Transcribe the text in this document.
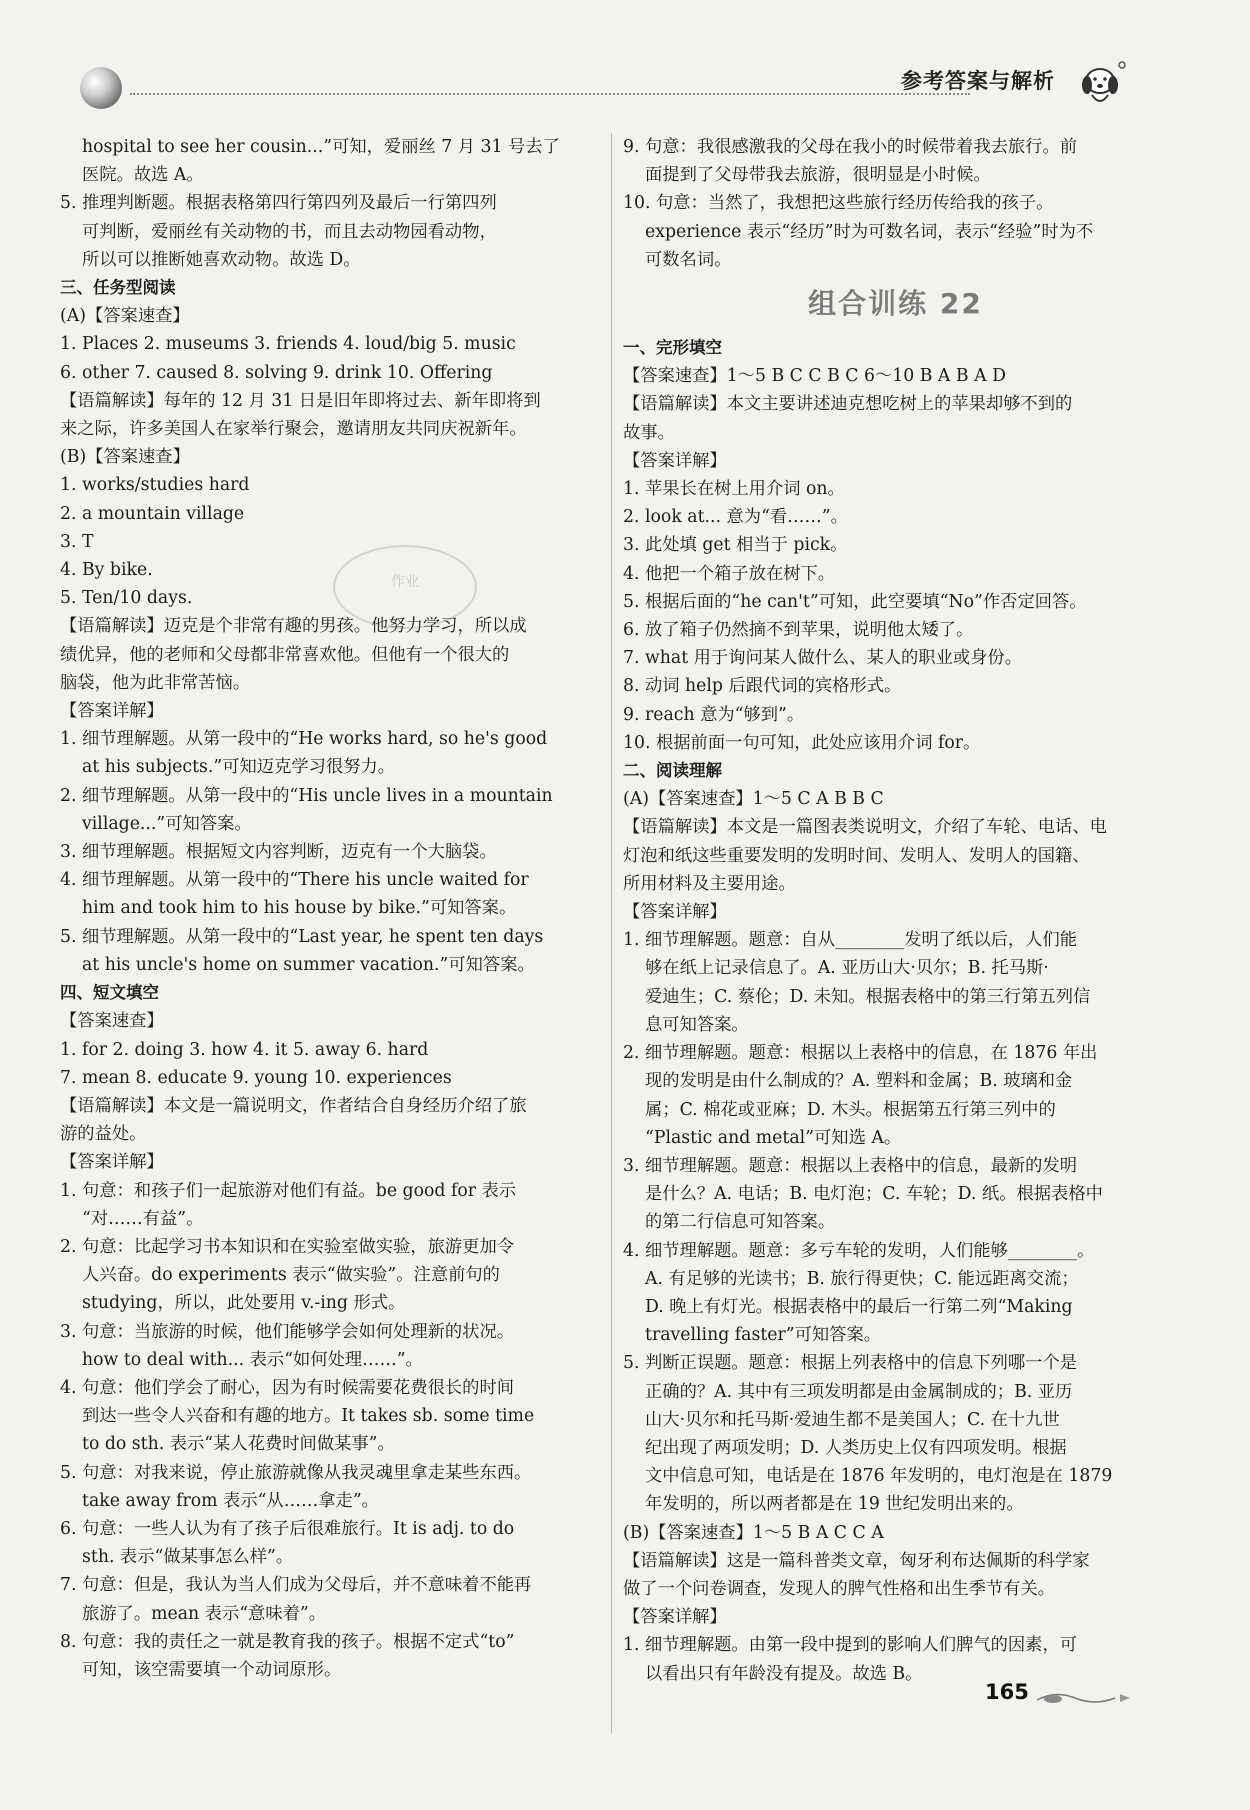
参考答案与解析
hospital to see her cousin...”可知，爱丽丝 7 月 31 号去了
医院。故选 A。
5. 推理判断题。根据表格第四行第四列及最后一行第四列
可判断，爱丽丝有关动物的书，而且去动物园看动物，
所以可以推断她喜欢动物。故选 D。
三、任务型阅读
(A)【答案速查】
1. Places 2. museums 3. friends 4. loud/big 5. music
6. other 7. caused 8. solving 9. drink 10. Offering
【语篇解读】每年的 12 月 31 日是旧年即将过去、新年即将到
来之际，许多美国人在家举行聚会，邀请朋友共同庆祝新年。
(B)【答案速查】
1. works/studies hard
2. a mountain village
3. T
4. By bike.
5. Ten/10 days.
【语篇解读】迈克是个非常有趣的男孩。他努力学习，所以成
绩优异，他的老师和父母都非常喜欢他。但他有一个很大的
脑袋，他为此非常苦恼。
【答案详解】
1. 细节理解题。从第一段中的“He works hard, so he's good
at his subjects.”可知迈克学习很努力。
2. 细节理解题。从第一段中的“His uncle lives in a mountain
village...”可知答案。
3. 细节理解题。根据短文内容判断，迈克有一个大脑袋。
4. 细节理解题。从第一段中的“There his uncle waited for
him and took him to his house by bike.”可知答案。
5. 细节理解题。从第一段中的“Last year, he spent ten days
at his uncle's home on summer vacation.”可知答案。
四、短文填空
【答案速查】
1. for 2. doing 3. how 4. it 5. away 6. hard
7. mean 8. educate 9. young 10. experiences
【语篇解读】本文是一篇说明文，作者结合自身经历介绍了旅
游的益处。
【答案详解】
1. 句意：和孩子们一起旅游对他们有益。be good for 表示
“对……有益”。
2. 句意：比起学习书本知识和在实验室做实验，旅游更加令
人兴奋。do experiments 表示“做实验”。注意前句的
studying，所以，此处要用 v.-ing 形式。
3. 句意：当旅游的时候，他们能够学会如何处理新的状况。
how to deal with... 表示“如何处理……”。
4. 句意：他们学会了耐心，因为有时候需要花费很长的时间
到达一些令人兴奋和有趣的地方。It takes sb. some time
to do sth. 表示“某人花费时间做某事”。
5. 句意：对我来说，停止旅游就像从我灵魂里拿走某些东西。
take away from 表示“从……拿走”。
6. 句意：一些人认为有了孩子后很难旅行。It is adj. to do
sth. 表示“做某事怎么样”。
7. 句意：但是，我认为当人们成为父母后，并不意味着不能再
旅游了。mean 表示“意味着”。
8. 句意：我的责任之一就是教育我的孩子。根据不定式“to”
可知，该空需要填一个动词原形。
9. 句意：我很感激我的父母在我小的时候带着我去旅行。前
面提到了父母带我去旅游，很明显是小时候。
10. 句意：当然了，我想把这些旅行经历传给我的孩子。
experience 表示“经历”时为可数名词，表示“经验”时为不
可数名词。
组合训练 22
一、完形填空
【答案速查】1～5 B C C B C 6～10 B A B A D
【语篇解读】本文主要讲述迪克想吃树上的苹果却够不到的
故事。
【答案详解】
1. 苹果长在树上用介词 on。
2. look at... 意为“看……”。
3. 此处填 get 相当于 pick。
4. 他把一个箱子放在树下。
5. 根据后面的“he can't”可知，此空要填“No”作否定回答。
6. 放了箱子仍然摘不到苹果，说明他太矮了。
7. what 用于询问某人做什么、某人的职业或身份。
8. 动词 help 后跟代词的宾格形式。
9. reach 意为“够到”。
10. 根据前面一句可知，此处应该用介词 for。
二、阅读理解
(A)【答案速查】1～5 C A B B C
【语篇解读】本文是一篇图表类说明文，介绍了车轮、电话、电
灯泡和纸这些重要发明的发明时间、发明人、发明人的国籍、
所用材料及主要用途。
【答案详解】
1. 细节理解题。题意：自从________发明了纸以后，人们能
够在纸上记录信息了。A. 亚历山大·贝尔；B. 托马斯·
爱迪生；C. 蔡伦；D. 未知。根据表格中的第三行第五列信
息可知答案。
2. 细节理解题。题意：根据以上表格中的信息，在 1876 年出
现的发明是由什么制成的？A. 塑料和金属；B. 玻璃和金
属；C. 棉花或亚麻；D. 木头。根据第五行第三列中的
“Plastic and metal”可知选 A。
3. 细节理解题。题意：根据以上表格中的信息，最新的发明
是什么？A. 电话；B. 电灯泡；C. 车轮；D. 纸。根据表格中
的第二行信息可知答案。
4. 细节理解题。题意：多亏车轮的发明，人们能够________。
A. 有足够的光读书；B. 旅行得更快；C. 能远距离交流；
D. 晚上有灯光。根据表格中的最后一行第二列“Making
travelling faster”可知答案。
5. 判断正误题。题意：根据上列表格中的信息下列哪一个是
正确的？A. 其中有三项发明都是由金属制成的；B. 亚历
山大·贝尔和托马斯·爱迪生都不是美国人；C. 在十九世
纪出现了两项发明；D. 人类历史上仅有四项发明。根据
文中信息可知，电话是在 1876 年发明的，电灯泡是在 1879
年发明的，所以两者都是在 19 世纪发明出来的。
(B)【答案速查】1～5 B A C C A
【语篇解读】这是一篇科普类文章，匈牙利布达佩斯的科学家
做了一个问卷调查，发现人的脾气性格和出生季节有关。
【答案详解】
1. 细节理解题。由第一段中提到的影响人们脾气的因素，可
以看出只有年龄没有提及。故选 B。
作业
165
